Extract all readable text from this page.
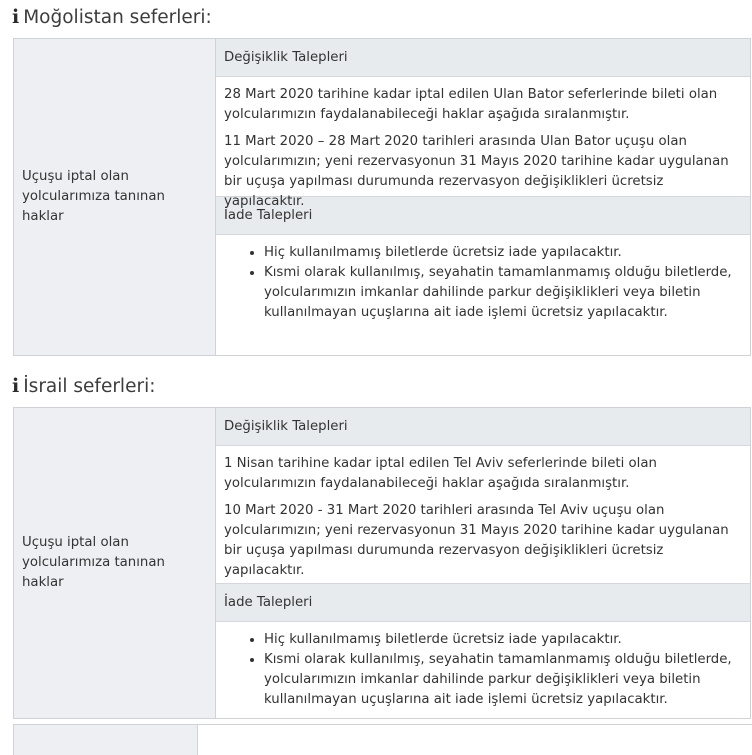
i Moğolistan seferleri:
Uçuşu iptal olan yolcularımıza tanınan haklar	
Değişiklik Talepleri

28 Mart 2020 tarihine kadar iptal edilen Ulan Bator seferlerinde bileti olan yolcularımızın faydalanabileceği haklar aşağıda sıralanmıştır.

11 Mart 2020 – 28 Mart 2020 tarihleri arasında Ulan Bator uçuşu olan yolcularımızın; yeni rezervasyonun 31 Mayıs 2020 tarihine kadar uygulanan bir uçuşa yapılması durumunda rezervasyon değişiklikleri ücretsiz yapılacaktır.

İade Talepleri
• Hiç kullanılmamış biletlerde ücretsiz iade yapılacaktır.
• Kısmi olarak kullanılmış, seyahatin tamamlanmamış olduğu biletlerde, yolcularımızın imkanlar dahilinde parkur değişiklikleri veya biletin kullanılmayan uçuşlarına ait iade işlemi ücretsiz yapılacaktır.
i İsrail seferleri:
Uçuşu iptal olan yolcularımıza tanınan haklar	
Değişiklik Talepleri

1 Nisan tarihine kadar iptal edilen Tel Aviv seferlerinde bileti olan yolcularımızın faydalanabileceği haklar aşağıda sıralanmıştır.

10 Mart 2020 - 31 Mart 2020 tarihleri arasında Tel Aviv uçuşu olan yolcularımızın; yeni rezervasyonun 31 Mayıs 2020 tarihine kadar uygulanan bir uçuşa yapılması durumunda rezervasyon değişiklikleri ücretsiz yapılacaktır.

İade Talepleri
• Hiç kullanılmamış biletlerde ücretsiz iade yapılacaktır.
• Kısmi olarak kullanılmış, seyahatin tamamlanmamış olduğu biletlerde, yolcularımızın imkanlar dahilinde parkur değişiklikleri veya biletin kullanılmayan uçuşlarına ait iade işlemi ücretsiz yapılacaktır.
